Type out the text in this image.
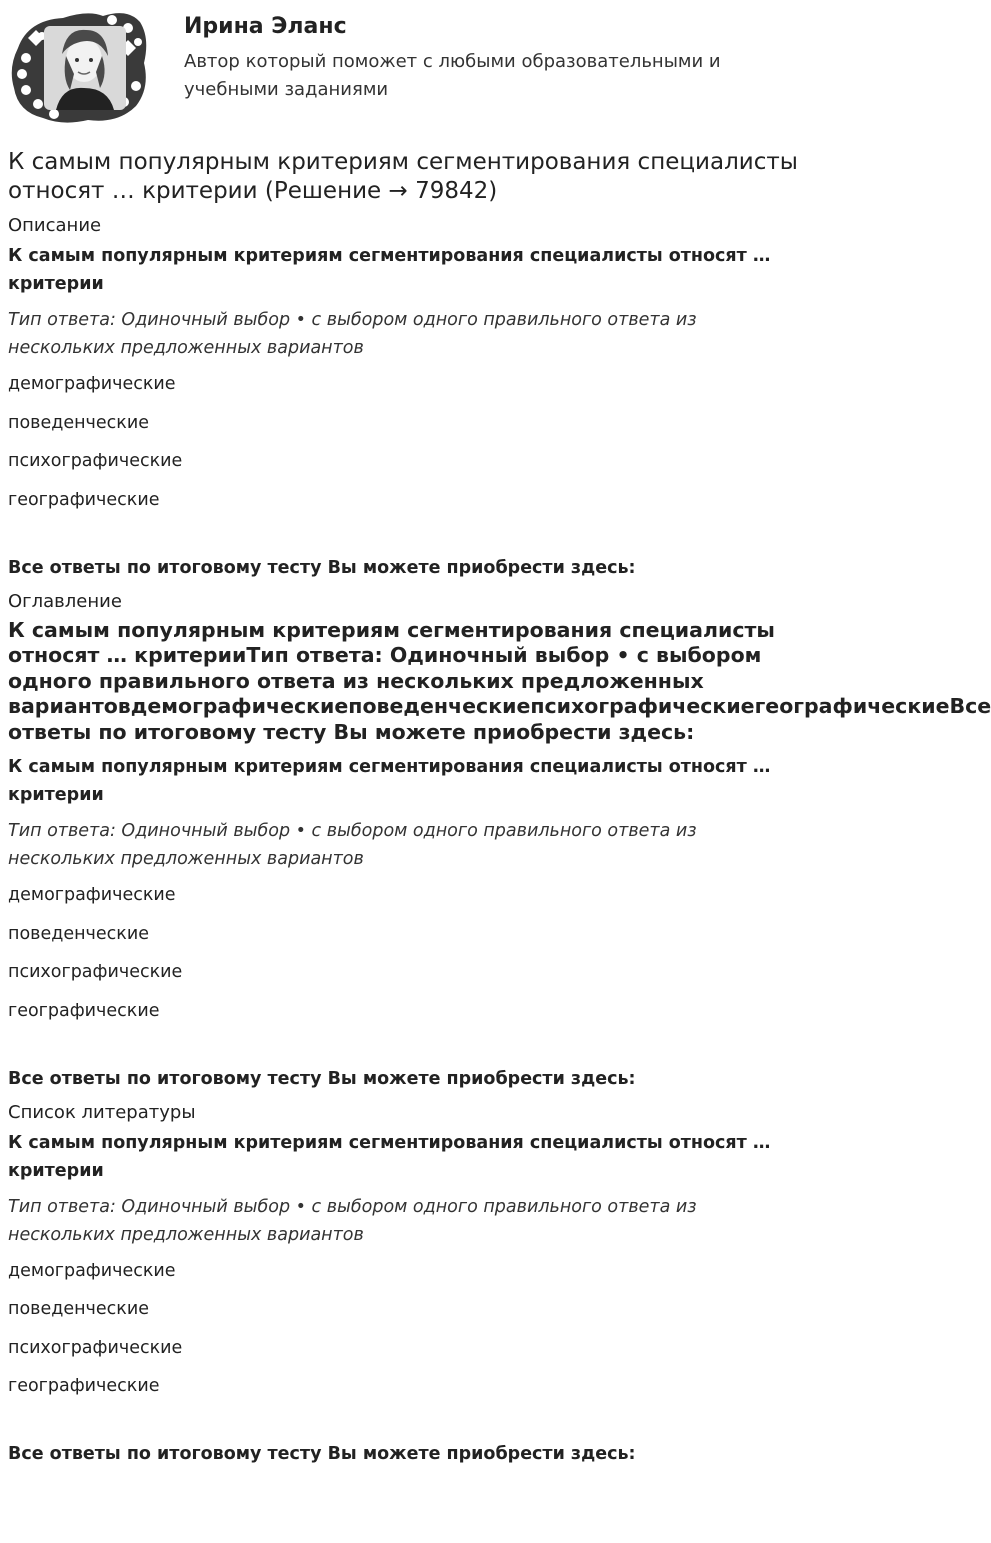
Ирина Эланс

Автор который поможет с любыми образовательными и
учебными заданиями

К самым популярным критериям сегментирования специалисты
относят … критерии (Решение → 79842)
Описание
К самым популярным критериям сегментирования специалисты относят …
критерии
Тип ответа: Одиночный выбор • с выбором одного правильного ответа из
нескольких предложенных вариантов
демографические
поведенческие
психографические
географические
Все ответы по итоговому тесту Вы можете приобрести здесь:
Оглавление
К самым популярным критериям сегментирования специалисты
относят … критерииТип ответа: Одиночный выбор • с выбором
одного правильного ответа из нескольких предложенных
вариантовдемографическиеповеденческиепсихографическиегеографическиеВсе
ответы по итоговому тесту Вы можете приобрести здесь:
К самым популярным критериям сегментирования специалисты относят …
критерии
Тип ответа: Одиночный выбор • с выбором одного правильного ответа из
нескольких предложенных вариантов
демографические
поведенческие
психографические
географические
Все ответы по итоговому тесту Вы можете приобрести здесь:
Список литературы
К самым популярным критериям сегментирования специалисты относят …
критерии
Тип ответа: Одиночный выбор • с выбором одного правильного ответа из
нескольких предложенных вариантов
демографические
поведенческие
психографические
географические
Все ответы по итоговому тесту Вы можете приобрести здесь:
